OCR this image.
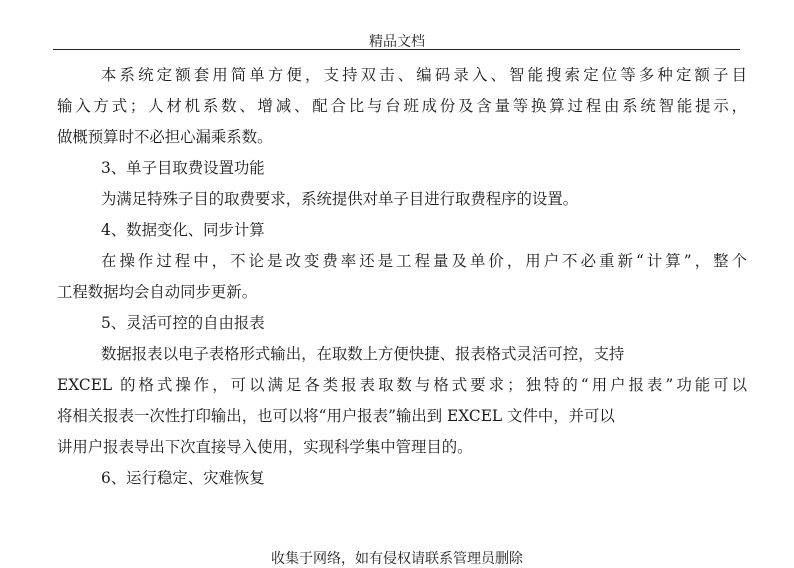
精品文档
本系统定额套用简单方便，支持双击、编码录入、智能搜索定位等多种定额子目
输入方式；人材机系数、增减、配合比与台班成份及含量等换算过程由系统智能提示，
做概预算时不必担心漏乘系数。
3、单子目取费设置功能
为满足特殊子目的取费要求，系统提供对单子目进行取费程序的设置。
4、数据变化、同步计算
在操作过程中，不论是改变费率还是工程量及单价，用户不必重新“计算”，整个
工程数据均会自动同步更新。
5、灵活可控的自由报表
数据报表以电子表格形式输出，在取数上方便快捷、报表格式灵活可控，支持
EXCEL 的格式操作，可以满足各类报表取数与格式要求；独特的“用户报表”功能可以
将相关报表一次性打印输出，也可以将“用户报表”输出到 EXCEL 文件中，并可以
讲用户报表导出下次直接导入使用，实现科学集中管理目的。
6、运行稳定、灾难恢复
收集于网络，如有侵权请联系管理员删除
